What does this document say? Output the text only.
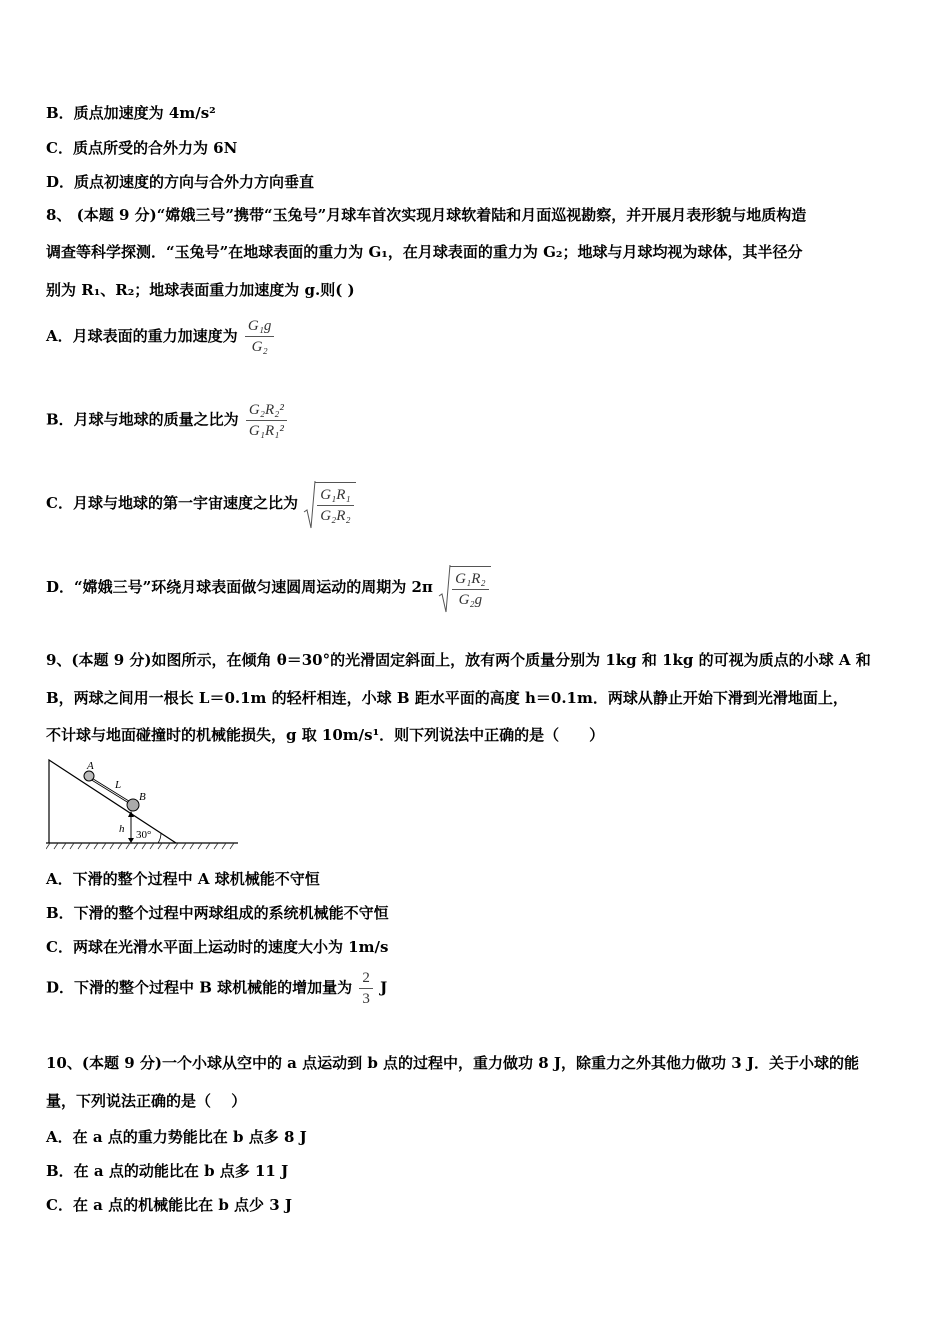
B．质点加速度为 4m/s²
C．质点所受的合外力为 6N
D．质点初速度的方向与合外力方向垂直
8、 (本题 9 分)“嫦娥三号”携带“玉兔号”月球车首次实现月球软着陆和月面巡视勘察，并开展月表形貌与地质构造
调查等科学探测．“玉兔号”在地球表面的重力为 G₁，在月球表面的重力为 G₂；地球与月球均视为球体，其半径分
别为 R₁、R₂；地球表面重力加速度为 g.则( )
A．月球表面的重力加速度为 $\frac{\text{G₁g}}{\text{G₂}}$
B．月球与地球的质量之比为 $\frac{\text{G₂R₂²}}{\text{G₁R₁²}}$
C．月球与地球的第一宇宙速度之比为 $\frac{\text{G₁R₁}}{\text{G₂R₂}}$
D．“嫦娥三号”环绕月球表面做匀速圆周运动的周期为 $2\pi \frac{\text{G₁R₂}}{\text{G₂g}}$
9、(本题 9 分)如图所示，在倾角 θ＝30°的光滑固定斜面上，放有两个质量分别为 1kg 和 1kg 的可视为质点的小球 A 和
B，两球之间用一根长 L＝0.1m 的轻杆相连，小球 B 距水平面的高度 h＝0.1m．两球从静止开始下滑到光滑地面上，
不计球与地面碰撞时的机械能损失，g 取 10m/s¹．则下列说法中正确的是（　　）
A
L
B
h 30°
A．下滑的整个过程中 A 球机械能不守恒
B．下滑的整个过程中两球组成的系统机械能不守恒
C．两球在光滑水平面上运动时的速度大小为 1m/s
D．下滑的整个过程中 B 球机械能的增加量为 $\frac{2}{3}$ J
10、(本题 9 分)一个小球从空中的 a 点运动到 b 点的过程中，重力做功 8 J，除重力之外其他力做功 3 J．关于小球的能
量，下列说法正确的是（　 ）
A．在 a 点的重力势能比在 b 点多 8 J
B．在 a 点的动能比在 b 点多 11 J
C．在 a 点的机械能比在 b 点少 3 J
